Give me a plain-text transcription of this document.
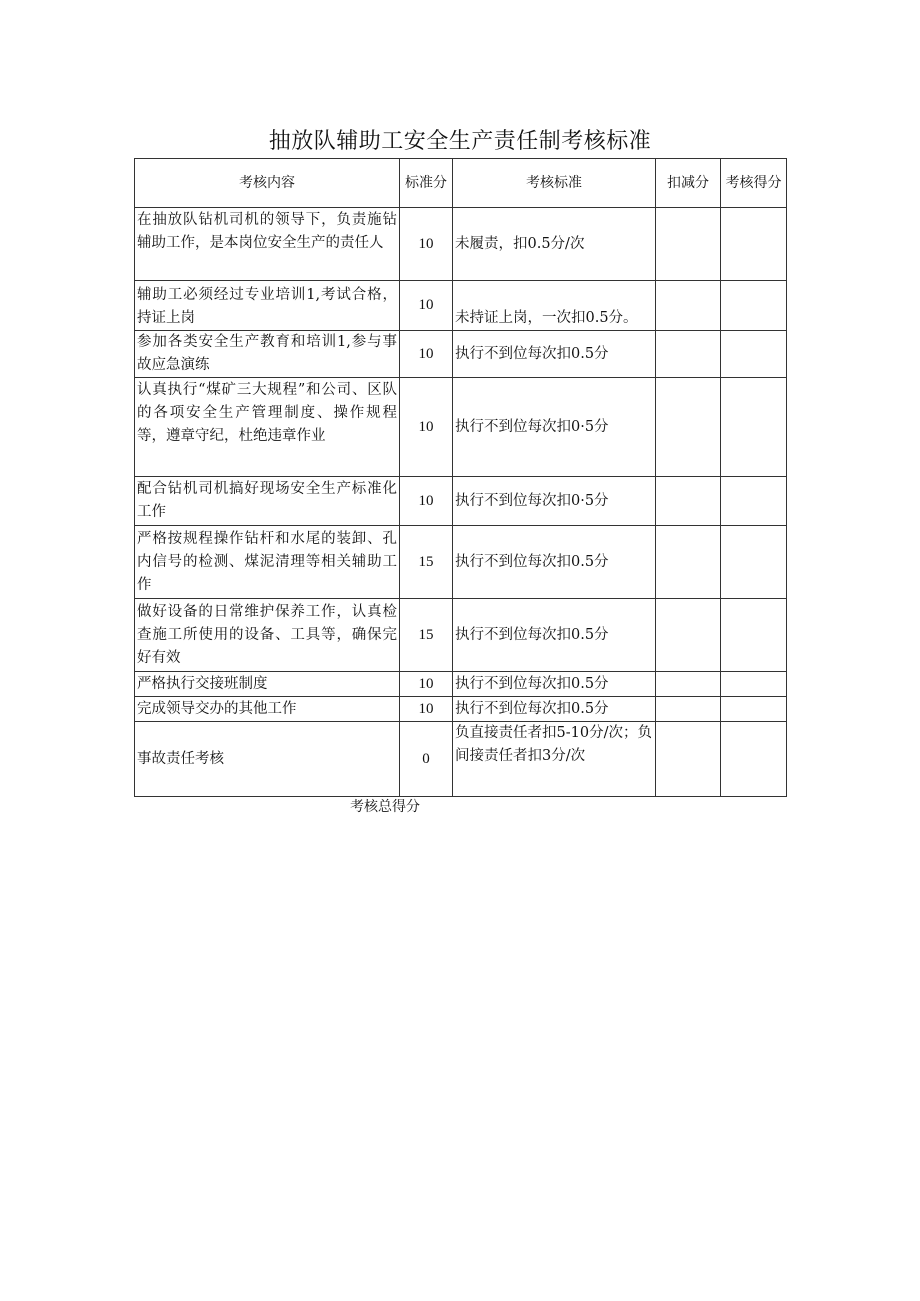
抽放队辅助工安全生产责任制考核标准
考核内容	标准分	考核标准	扣减分	考核得分
在抽放队钻机司机的领导下，负责施钻辅助工作，是本岗位安全生产的责任人	10	未履责，扣0.5分/次		
辅助工必须经过专业培训1,考试合格，持证上岗	10	未持证上岗，一次扣0.5分。		
参加各类安全生产教育和培训1,参与事故应急演练	10	执行不到位每次扣0.5分		
认真执行“煤矿三大规程”和公司、区队的各项安全生产管理制度、操作规程等，遵章守纪，杜绝违章作业	10	执行不到位每次扣0·5分		
配合钻机司机搞好现场安全生产标准化工作	10	执行不到位每次扣0·5分		
严格按规程操作钻杆和水尾的装卸、孔内信号的检测、煤泥清理等相关辅助工作	15	执行不到位每次扣0.5分		
做好设备的日常维护保养工作，认真检查施工所使用的设备、工具等，确保完好有效	15	执行不到位每次扣0.5分		
严格执行交接班制度	10	执行不到位每次扣0.5分		
完成领导交办的其他工作	10	执行不到位每次扣0.5分		
事故责任考核	0	负直接责任者扣5-10分/次；负间接责任者扣3分/次		
考核总得分
